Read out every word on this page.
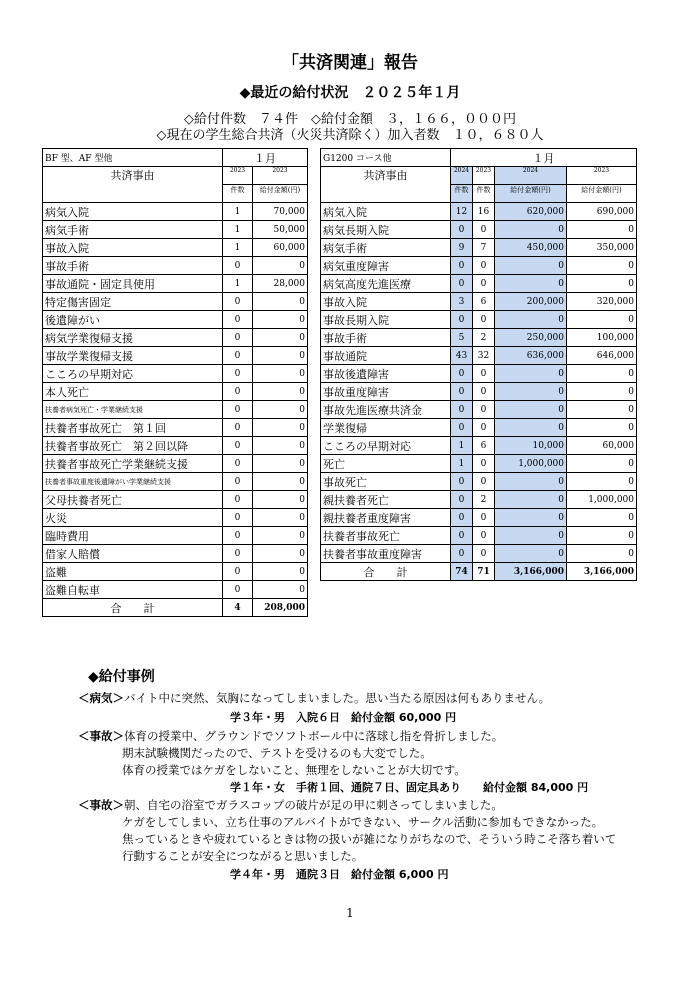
「共済関連」報告
◆最近の給付状況　２０２５年１月
◇給付件数　７４件　◇給付金額　３，１６６，０００円
◇現在の学生総合共済（火災共済除く）加入者数　１０，６８０人
BF 型、AF 型他	１月	
共済事由	2023	2023
	件数	給付金額(円)
病気入院	1	70,000
病気手術	1	50,000
事故入院	1	60,000
事故手術	0	0
事故通院・固定具使用	1	28,000
特定傷害固定	0	0
後遺障がい	0	0
病気学業復帰支援	0	0
事故学業復帰支援	0	0
こころの早期対応	0	0
本人死亡	0	0
扶養者病気死亡・学業継続支援	0	0
扶養者事故死亡　第１回	0	0
扶養者事故死亡　第２回以降	0	0
扶養者事故死亡学業継続支援	0	0
扶養者事故重度後遺障がい学業継続支援	0	0
父母扶養者死亡	0	0
火災	0	0
臨時費用	0	0
借家人賠償	0	0
盗難	0	0
盗難自転車	0	0
合　　計	4	208,000
G1200 コース他	１月			
共済事由	2024	2023	2024	2023
	件数	件数	給付金額(円)	給付金額(円)
病気入院	12	16	620,000	690,000
病気長期入院	0	0	0	0
病気手術	9	7	450,000	350,000
病気重度障害	0	0	0	0
病気高度先進医療	0	0	0	0
事故入院	3	6	200,000	320,000
事故長期入院	0	0	0	0
事故手術	5	2	250,000	100,000
事故通院	43	32	636,000	646,000
事故後遺障害	0	0	0	0
事故重度障害	0	0	0	0
事故先進医療共済金	0	0	0	0
学業復帰	0	0	0	0
こころの早期対応	1	6	10,000	60,000
死亡	1	0	1,000,000	0
事故死亡	0	0	0	0
親扶養者死亡	0	2	0	1,000,000
親扶養者重度障害	0	0	0	0
扶養者事故死亡	0	0	0	0
扶養者事故重度障害	0	0	0	0
合　　計	74	71	3,166,000	3,166,000
◆給付事例
＜病気＞バイト中に突然、気胸になってしまいました。思い当たる原因は何もありません。
学３年・男　入院６日　給付金額 60,000 円
＜事故＞体育の授業中、グラウンドでソフトボール中に落球し指を骨折しました。
期末試験機関だったので、テストを受けるのも大変でした。
体育の授業ではケガをしないこと、無理をしないことが大切です。
学１年・女　手術１回、通院７日、固定具あり　　給付金額 84,000 円
＜事故＞朝、自宅の浴室でガラスコップの破片が足の甲に刺さってしまいました。
ケガをしてしまい、立ち仕事のアルバイトができない、サークル活動に参加もできなかった。
焦っているときや疲れているときは物の扱いが雑になりがちなので、そういう時こそ落ち着いて
行動することが安全につながると思いました。
学４年・男　通院３日　給付金額 6,000 円
1
